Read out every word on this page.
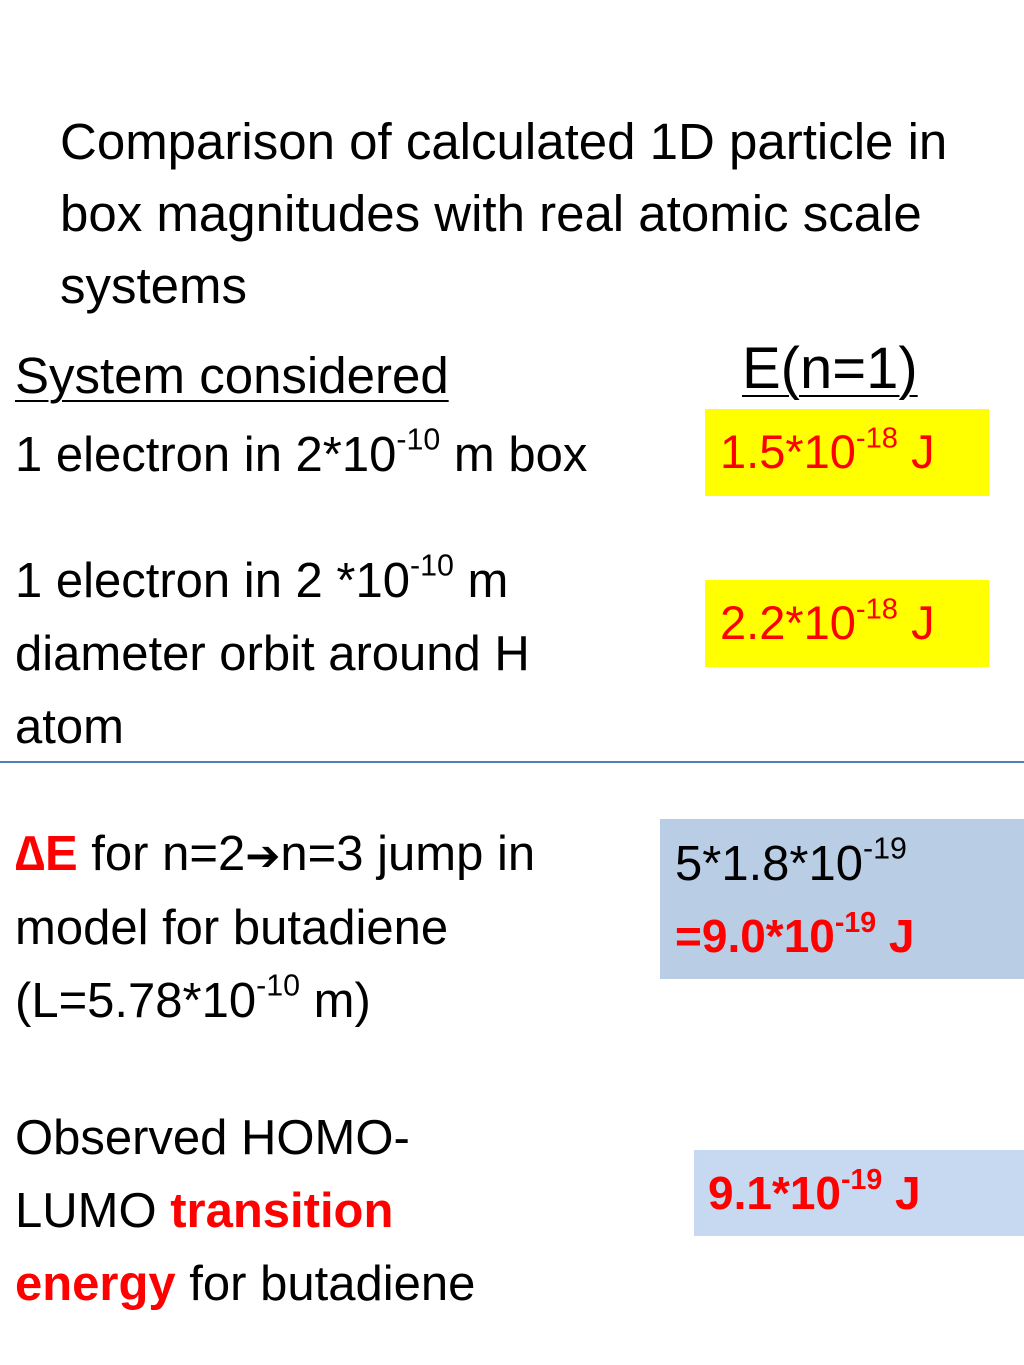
Comparison of calculated 1D particle in box magnitudes with real atomic scale systems
System considered	E(n=1)
1 electron in $2*10^{-10}$ m box	$1.5*10^{-18}$ J
1 electron in 2 $*10^{-10}$ m
diameter orbit around H
atom
$2.2*10^{-18}$ J
∆E for n=2➔n=3 jump in
model for butadiene
($L=5.78*10^{-10}$ m)
$5*1.8*10^{-19}$
$=9.0*10^{-19}$ J
Observed HOMO-
LUMO transition
energy for butadiene
$9.1*10^{-19}$ J
